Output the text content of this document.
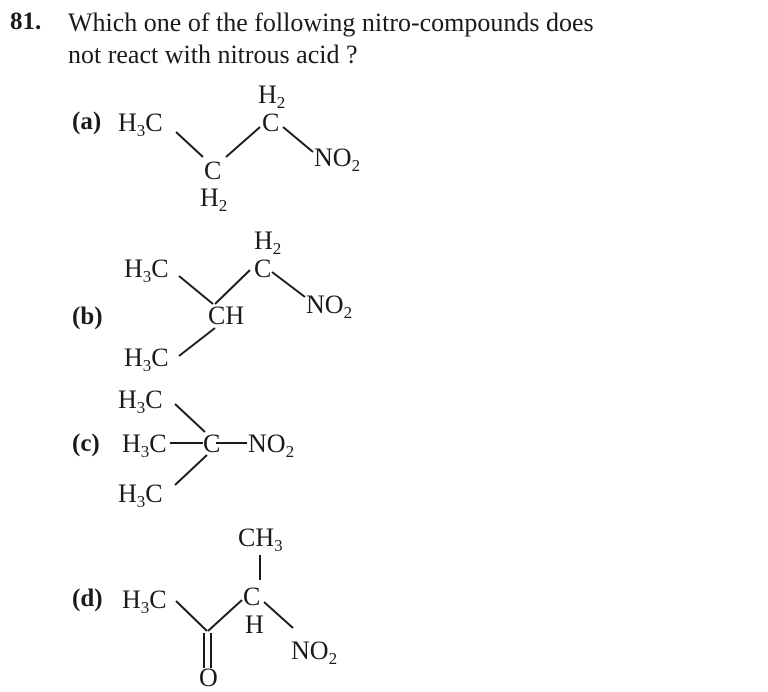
81. Which one of the following nitro-compounds does
not react with nitrous acid ?
(a) $H_3C$
$H_2$
C
C
$H_2$
$NO_2$
(b)
$H_3C$
$H_2$
C
CH $NO_2$
$H_3C$
$H_3C$
(c) $H_3C$ C $NO_2$
$H_3C$
$CH_3$
(d) $H_3C$	C
H
$NO_2$
O
